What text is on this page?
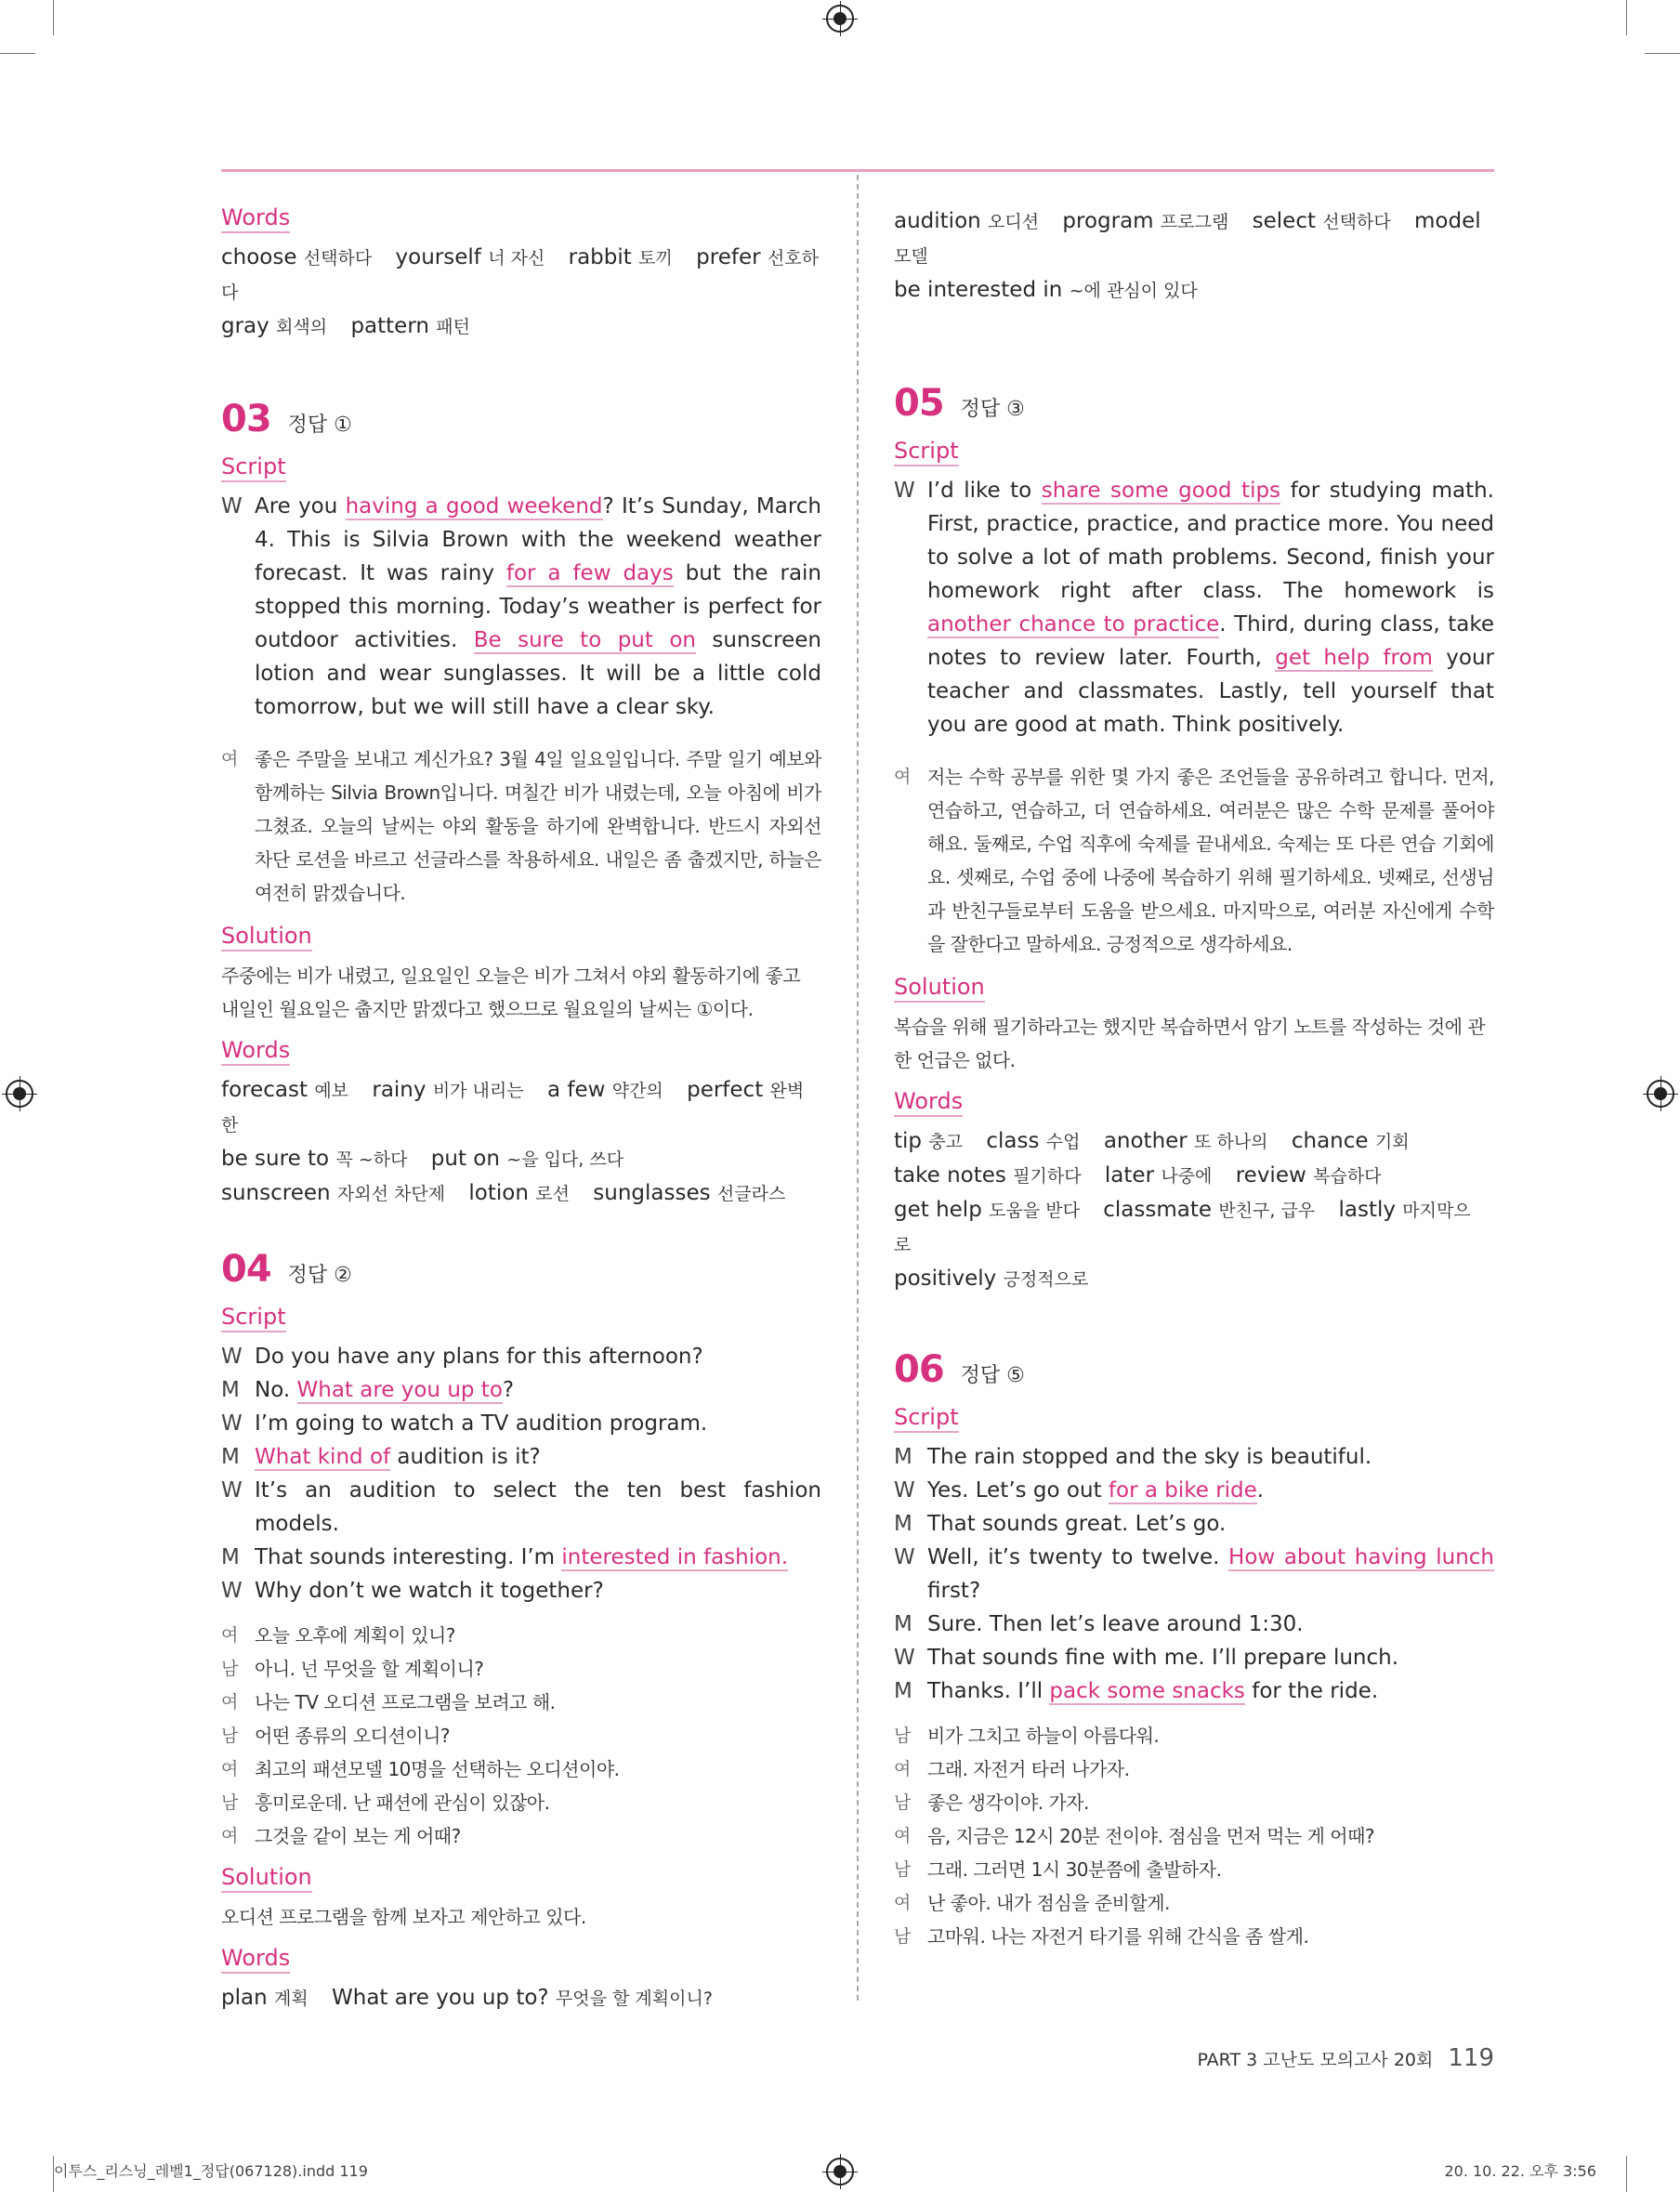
Words
choose 선택하다 yourself 너 자신 rabbit 토끼 prefer 선호하다
gray 회색의 pattern 패턴
03 정답 ①
Script
W Are you having a good weekend? It’s Sunday, March 4. This is Silvia Brown with the weekend weather forecast. It was rainy for a few days but the rain stopped this morning. Today’s weather is perfect for outdoor activities. Be sure to put on sunscreen lotion and wear sunglasses. It will be a little cold tomorrow, but we will still have a clear sky.
여 좋은 주말을 보내고 계신가요? 3월 4일 일요일입니다. 주말 일기 예보와 함께하는 Silvia Brown입니다. 며칠간 비가 내렸는데, 오늘 아침에 비가 그쳤죠. 오늘의 날씨는 야외 활동을 하기에 완벽합니다. 반드시 자외선 차단 로션을 바르고 선글라스를 착용하세요. 내일은 좀 춥겠지만, 하늘은 여전히 맑겠습니다.
Solution
주중에는 비가 내렸고, 일요일인 오늘은 비가 그쳐서 야외 활동하기에 좋고 내일인 월요일은 춥지만 맑겠다고 했으므로 월요일의 날씨는 ①이다.
Words
forecast 예보 rainy 비가 내리는 a few 약간의 perfect 완벽한
be sure to 꼭 ~하다 put on ~을 입다, 쓰다
sunscreen 자외선 차단제 lotion 로션 sunglasses 선글라스
04 정답 ②
Script
W Do you have any plans for this afternoon?
M No. What are you up to?
W I’m going to watch a TV audition program.
M What kind of audition is it?
W It’s an audition to select the ten best fashion models.
M That sounds interesting. I’m interested in fashion.
W Why don’t we watch it together?
여 오늘 오후에 계획이 있니?
남 아니. 넌 무엇을 할 계획이니?
여 나는 TV 오디션 프로그램을 보려고 해.
남 어떤 종류의 오디션이니?
여 최고의 패션모델 10명을 선택하는 오디션이야.
남 흥미로운데. 난 패션에 관심이 있잖아.
여 그것을 같이 보는 게 어때?
Solution
오디션 프로그램을 함께 보자고 제안하고 있다.
Words
plan 계획 What are you up to? 무엇을 할 계획이니?
audition 오디션 program 프로그램 select 선택하다 model 모델
be interested in ~에 관심이 있다
05 정답 ③
Script
W I’d like to share some good tips for studying math. First, practice, practice, and practice more. You need to solve a lot of math problems. Second, finish your homework right after class. The homework is another chance to practice. Third, during class, take notes to review later. Fourth, get help from your teacher and classmates. Lastly, tell yourself that you are good at math. Think positively.
여 저는 수학 공부를 위한 몇 가지 좋은 조언들을 공유하려고 합니다. 먼저, 연습하고, 연습하고, 더 연습하세요. 여러분은 많은 수학 문제를 풀어야 해요. 둘째로, 수업 직후에 숙제를 끝내세요. 숙제는 또 다른 연습 기회에요. 셋째로, 수업 중에 나중에 복습하기 위해 필기하세요. 넷째로, 선생님과 반친구들로부터 도움을 받으세요. 마지막으로, 여러분 자신에게 수학을 잘한다고 말하세요. 긍정적으로 생각하세요.
Solution
복습을 위해 필기하라고는 했지만 복습하면서 암기 노트를 작성하는 것에 관한 언급은 없다.
Words
tip 충고 class 수업 another 또 하나의 chance 기회
take notes 필기하다 later 나중에 review 복습하다
get help 도움을 받다 classmate 반친구, 급우 lastly 마지막으로
positively 긍정적으로
06 정답 ⑤
Script
M The rain stopped and the sky is beautiful.
W Yes. Let’s go out for a bike ride.
M That sounds great. Let’s go.
W Well, it’s twenty to twelve. How about having lunch first?
M Sure. Then let’s leave around 1:30.
W That sounds fine with me. I’ll prepare lunch.
M Thanks. I’ll pack some snacks for the ride.
남 비가 그치고 하늘이 아름다워.
여 그래. 자전거 타러 나가자.
남 좋은 생각이야. 가자.
여 음, 지금은 12시 20분 전이야. 점심을 먼저 먹는 게 어때?
남 그래. 그러면 1시 30분쯤에 출발하자.
여 난 좋아. 내가 점심을 준비할게.
남 고마워. 나는 자전거 타기를 위해 간식을 좀 쌀게.
PART 3 고난도 모의고사 20회 119
이투스_리스닝_레벨1_정답(067128).indd 119	20. 10. 22. 오후 3:56
